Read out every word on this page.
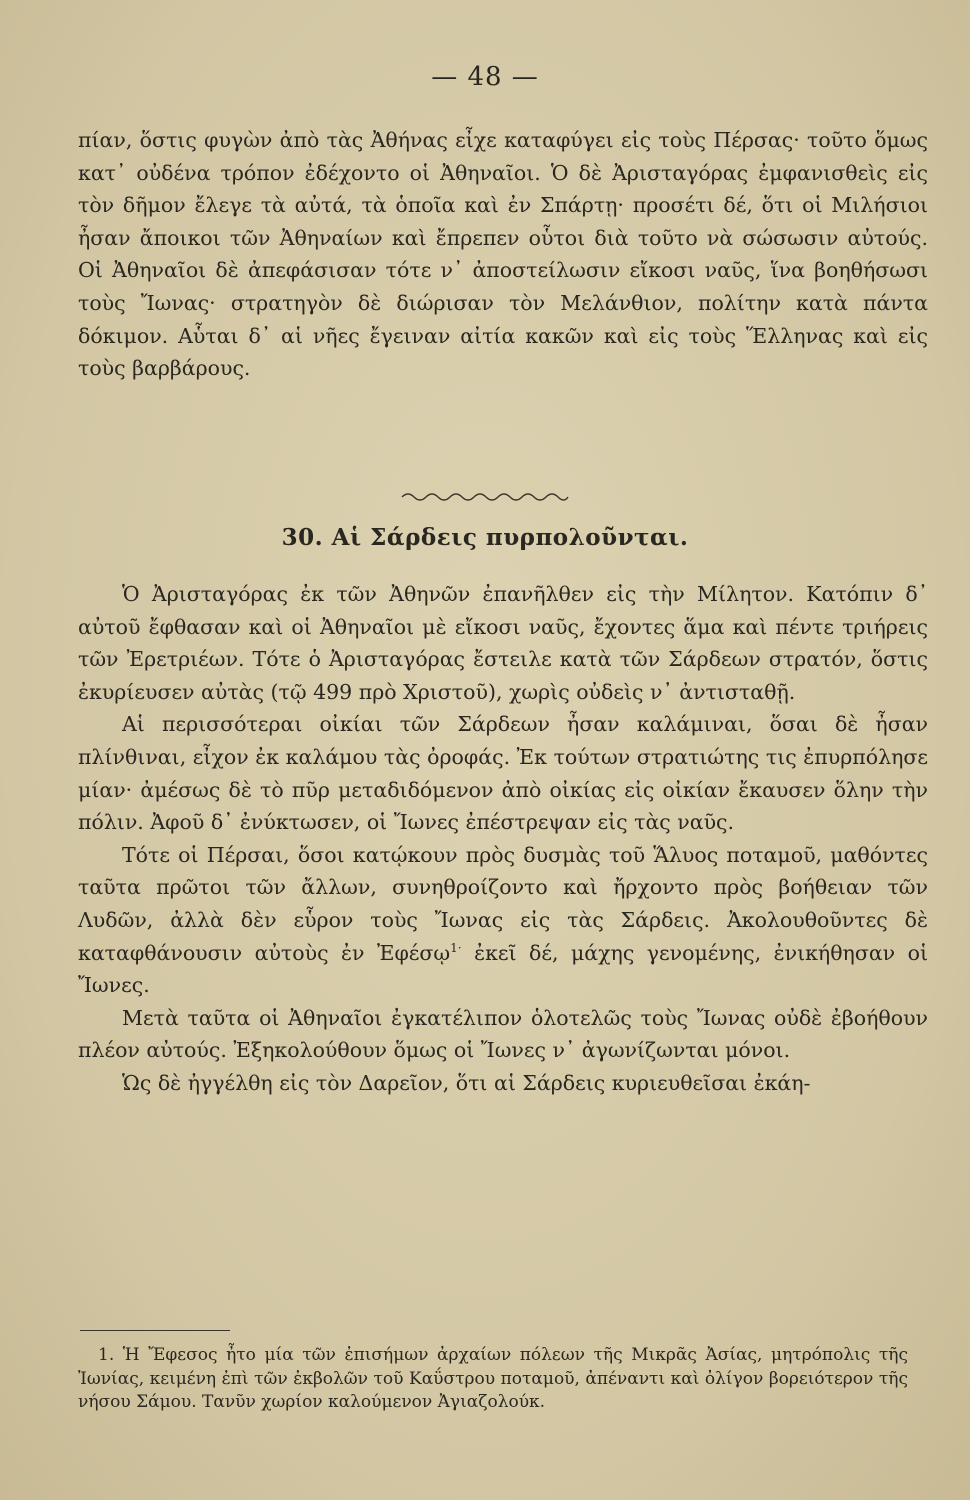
— 48 —

πίαν, ὅστις φυγὼν ἀπὸ τὰς Ἀθήνας εἶχε καταφύγει εἰς τοὺς Πέρσας· τοῦτο ὅμως κατ᾽ οὐδένα τρόπον ἐδέχοντο οἱ Ἀθηναῖοι. Ὁ δὲ Ἀρισταγόρας ἐμφανισθεὶς εἰς τὸν δῆμον ἔλεγε τὰ αὐτά, τὰ ὁποῖα καὶ ἐν Σπάρτῃ· προσέτι δέ, ὅτι οἱ Μιλήσιοι ἦσαν ἄποικοι τῶν Ἀθηναίων καὶ ἔπρεπεν οὗτοι διὰ τοῦτο νὰ σώσωσιν αὐτούς. Οἱ Ἀθηναῖοι δὲ ἀπεφάσισαν τότε ν᾽ ἀποστείλωσιν εἴκοσι ναῦς, ἵνα βοηθήσωσι τοὺς Ἴωνας· στρατηγὸν δὲ διώρισαν τὸν Μελάνθιον, πολίτην κατὰ πάντα δόκιμον. Αὗται δ᾽ αἱ νῆες ἔγειναν αἰτία κακῶν καὶ εἰς τοὺς Ἕλληνας καὶ εἰς τοὺς βαρβάρους.

30. Αἱ Σάρδεις πυρπολοῦνται.

Ὁ Ἀρισταγόρας ἐκ τῶν Ἀθηνῶν ἐπανῆλθεν εἰς τὴν Μίλητον. Κατόπιν δ᾽ αὐτοῦ ἔφθασαν καὶ οἱ Ἀθηναῖοι μὲ εἴκοσι ναῦς, ἔχοντες ἅμα καὶ πέντε τριήρεις τῶν Ἐρετριέων. Τότε ὁ Ἀρισταγόρας ἔστειλε κατὰ τῶν Σάρδεων στρατόν, ὅστις ἐκυρίευσεν αὐτὰς (τῷ 499 πρὸ Χριστοῦ), χωρὶς οὐδεὶς ν᾽ ἀντισταθῇ.

Αἱ περισσότεραι οἰκίαι τῶν Σάρδεων ἦσαν καλάμιναι, ὅσαι δὲ ἦσαν πλίνθιναι, εἶχον ἐκ καλάμου τὰς ὀροφάς. Ἐκ τούτων στρατιώτης τις ἐπυρπόλησε μίαν· ἀμέσως δὲ τὸ πῦρ μεταδιδόμενον ἀπὸ οἰκίας εἰς οἰκίαν ἔκαυσεν ὅλην τὴν πόλιν. Ἀφοῦ δ᾽ ἐνύκτωσεν, οἱ Ἴωνες ἐπέστρεψαν εἰς τὰς ναῦς.

Τότε οἱ Πέρσαι, ὅσοι κατῴκουν πρὸς δυσμὰς τοῦ Ἅλυος ποταμοῦ, μαθόντες ταῦτα πρῶτοι τῶν ἄλλων, συνηθροίζοντο καὶ ἤρχοντο πρὸς βοήθειαν τῶν Λυδῶν, ἀλλὰ δὲν εὗρον τοὺς Ἴωνας εἰς τὰς Σάρδεις. Ἀκολουθοῦντες δὲ καταφθάνουσιν αὐτοὺς ἐν Ἐφέσῳ$^{1\cdot}$ ἐκεῖ δέ, μάχης γενομένης, ἐνικήθησαν οἱ Ἴωνες.

Μετὰ ταῦτα οἱ Ἀθηναῖοι ἐγκατέλιπον ὁλοτελῶς τοὺς Ἴωνας οὐδὲ ἐβοήθουν πλέον αὐτούς. Ἐξηκολούθουν ὅμως οἱ Ἴωνες ν᾽ ἀγωνίζωνται μόνοι.

Ὡς δὲ ἠγγέλθη εἰς τὸν Δαρεῖον, ὅτι αἱ Σάρδεις κυριευθεῖσαι ἐκάη-

1. Ἡ Ἔφεσος ἦτο μία τῶν ἐπισήμων ἀρχαίων πόλεων τῆς Μικρᾶς Ἀσίας, μητρόπολις τῆς Ἰωνίας, κειμένη ἐπὶ τῶν ἐκβολῶν τοῦ Καΰστρου ποταμοῦ, ἀπέναντι καὶ ὀλίγον βορειότερον τῆς νήσου Σάμου. Τανῦν χωρίον καλούμενον Ἀγιαζολούκ.
